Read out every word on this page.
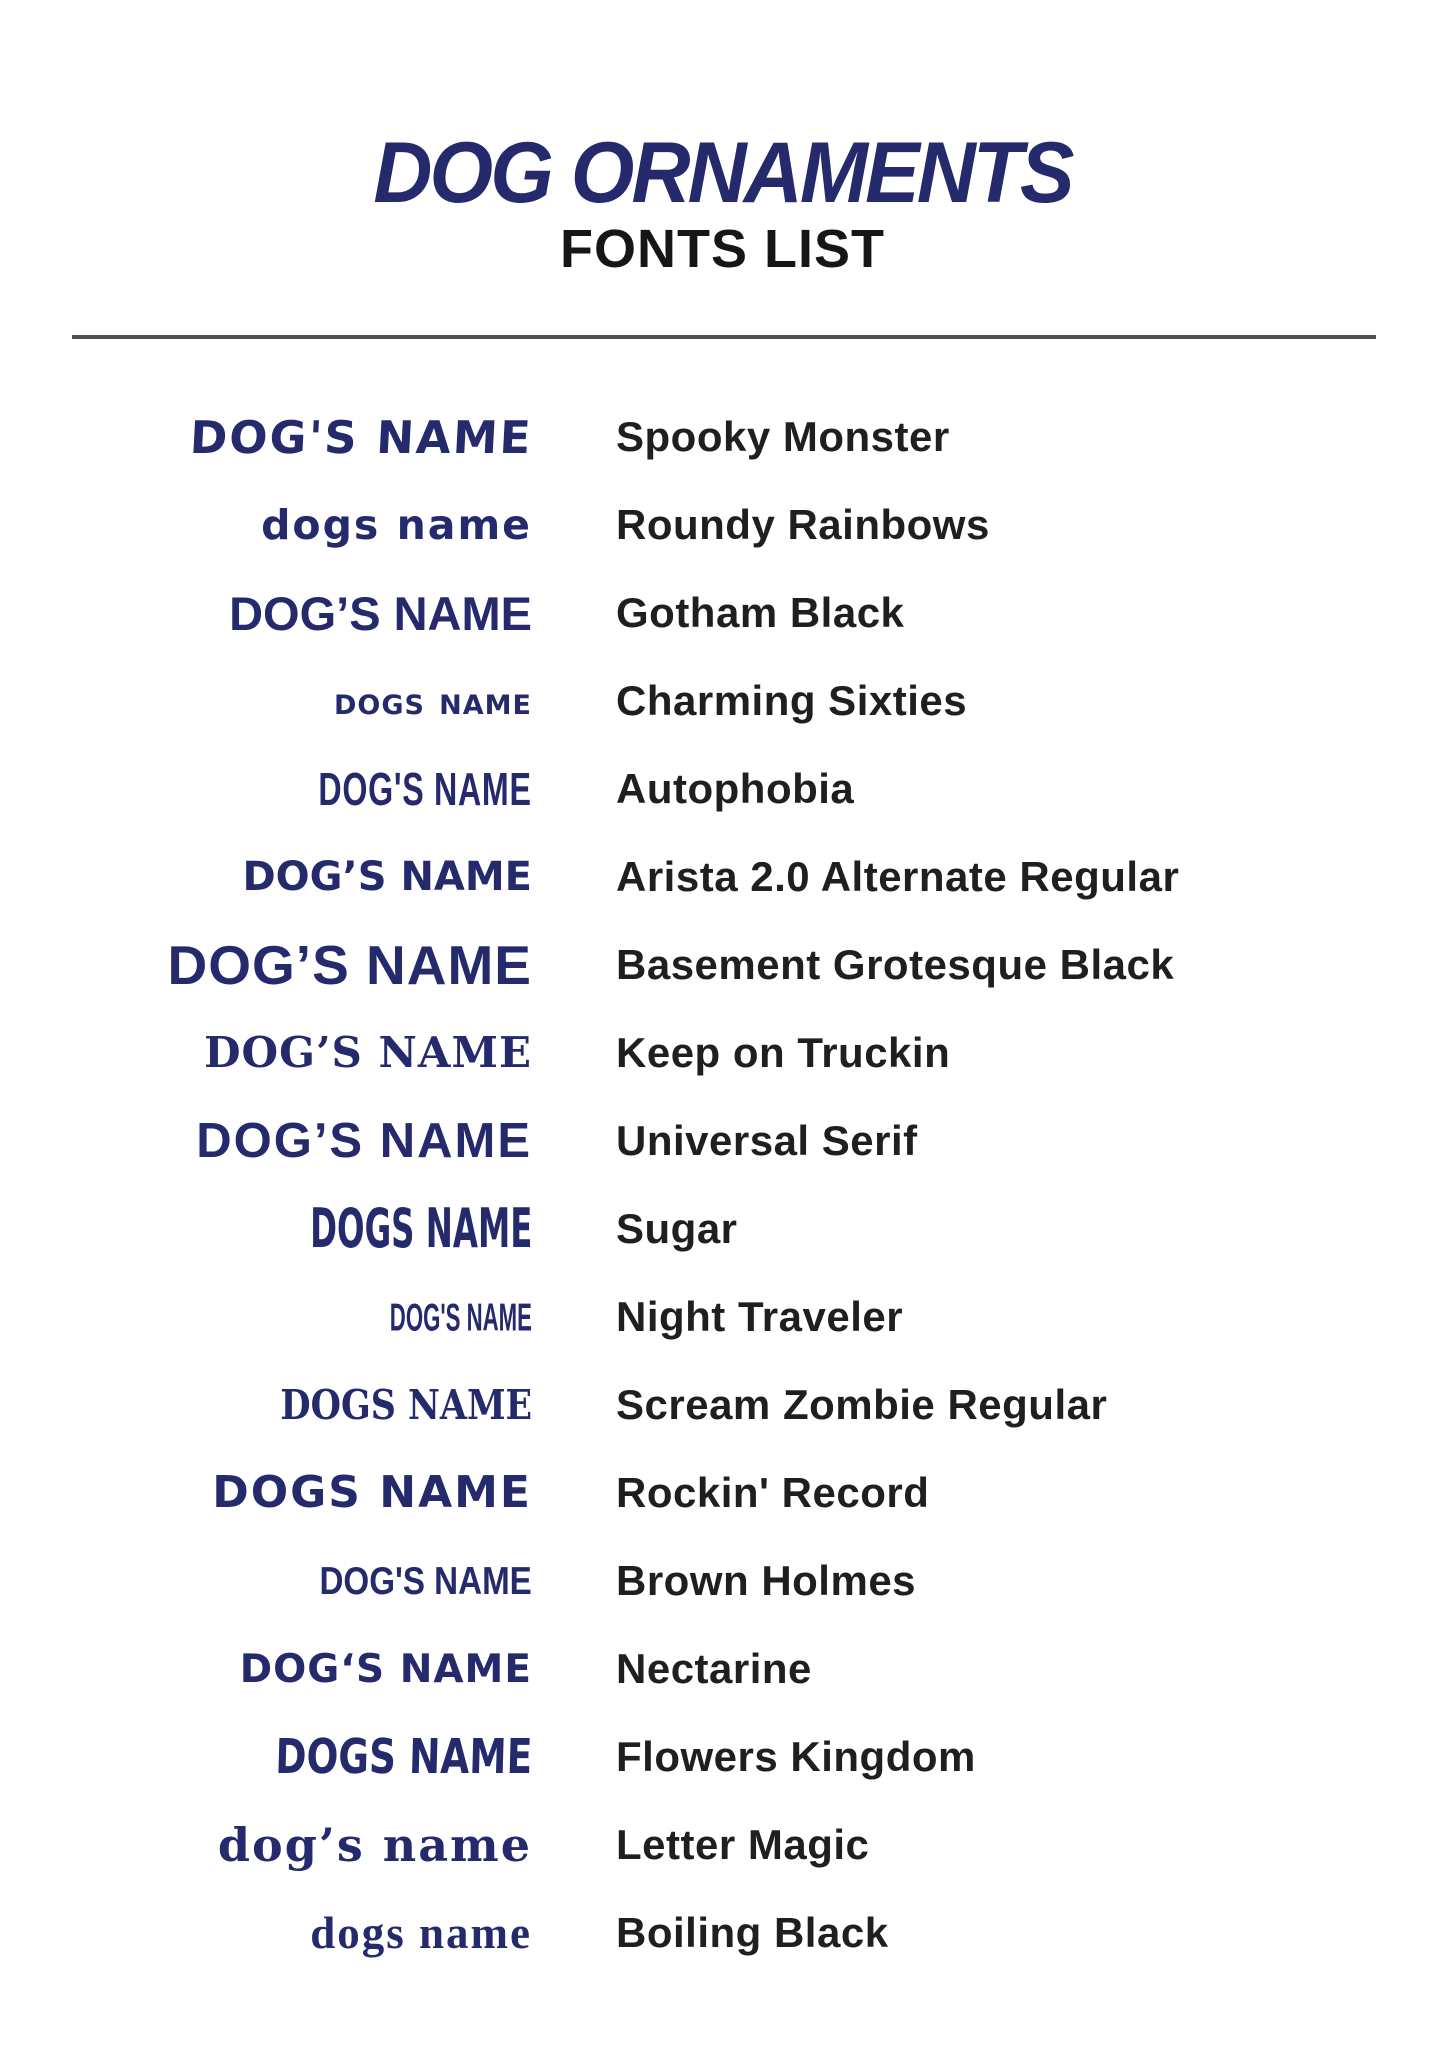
DOG ORNAMENTS
FONTS LIST
DOG'S NAME Spooky Monster
dogs name Roundy Rainbows
DOG’S NAME Gotham Black
dogs name Charming Sixties
DOG'S NAME Autophobia
DOG’S NAME Arista 2.0 Alternate Regular
DOG’S NAME Basement Grotesque Black
DOG’S NAME Keep on Truckin
DOG’S NAME Universal Serif
DOGS NAME Sugar
DOG'S NAME Night Traveler
DOGS NAME Scream Zombie Regular
DOGS NAME Rockin' Record
DOG'S NAME Brown Holmes
DOG‘S NAME Nectarine
DOGS NAME Flowers Kingdom
dog’s name Letter Magic
dogs name Boiling Black
